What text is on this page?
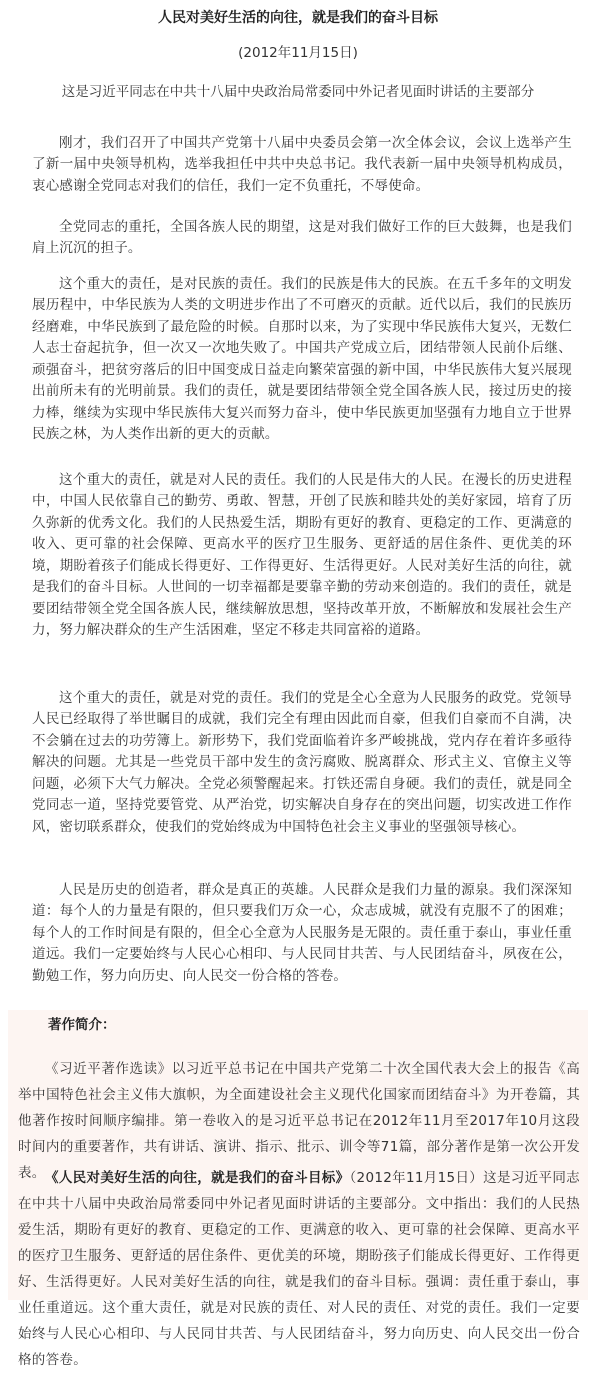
人民对美好生活的向往，就是我们的奋斗目标
(2012年11月15日)
这是习近平同志在中共十八届中央政治局常委同中外记者见面时讲话的主要部分

刚才，我们召开了中国共产党第十八届中央委员会第一次全体会议，会议上选举产生了新一届中央领导机构，选举我担任中共中央总书记。我代表新一届中央领导机构成员，衷心感谢全党同志对我们的信任，我们一定不负重托，不辱使命。

全党同志的重托，全国各族人民的期望，这是对我们做好工作的巨大鼓舞，也是我们肩上沉沉的担子。

这个重大的责任，是对民族的责任。我们的民族是伟大的民族。在五千多年的文明发展历程中，中华民族为人类的文明进步作出了不可磨灭的贡献。近代以后，我们的民族历经磨难，中华民族到了最危险的时候。自那时以来，为了实现中华民族伟大复兴，无数仁人志士奋起抗争，但一次又一次地失败了。中国共产党成立后，团结带领人民前仆后继、顽强奋斗，把贫穷落后的旧中国变成日益走向繁荣富强的新中国，中华民族伟大复兴展现出前所未有的光明前景。我们的责任，就是要团结带领全党全国各族人民，接过历史的接力棒，继续为实现中华民族伟大复兴而努力奋斗，使中华民族更加坚强有力地自立于世界民族之林，为人类作出新的更大的贡献。

这个重大的责任，就是对人民的责任。我们的人民是伟大的人民。在漫长的历史进程中，中国人民依靠自己的勤劳、勇敢、智慧，开创了民族和睦共处的美好家园，培育了历久弥新的优秀文化。我们的人民热爱生活，期盼有更好的教育、更稳定的工作、更满意的收入、更可靠的社会保障、更高水平的医疗卫生服务、更舒适的居住条件、更优美的环境，期盼着孩子们能成长得更好、工作得更好、生活得更好。人民对美好生活的向往，就是我们的奋斗目标。人世间的一切幸福都是要靠辛勤的劳动来创造的。我们的责任，就是要团结带领全党全国各族人民，继续解放思想，坚持改革开放，不断解放和发展社会生产力，努力解决群众的生产生活困难，坚定不移走共同富裕的道路。

这个重大的责任，就是对党的责任。我们的党是全心全意为人民服务的政党。党领导人民已经取得了举世瞩目的成就，我们完全有理由因此而自豪，但我们自豪而不自满，决不会躺在过去的功劳簿上。新形势下，我们党面临着许多严峻挑战，党内存在着许多亟待解决的问题。尤其是一些党员干部中发生的贪污腐败、脱离群众、形式主义、官僚主义等问题，必须下大气力解决。全党必须警醒起来。打铁还需自身硬。我们的责任，就是同全党同志一道，坚持党要管党、从严治党，切实解决自身存在的突出问题，切实改进工作作风，密切联系群众，使我们的党始终成为中国特色社会主义事业的坚强领导核心。

人民是历史的创造者，群众是真正的英雄。人民群众是我们力量的源泉。我们深深知道：每个人的力量是有限的，但只要我们万众一心，众志成城，就没有克服不了的困难；每个人的工作时间是有限的，但全心全意为人民服务是无限的。责任重于泰山，事业任重道远。我们一定要始终与人民心心相印、与人民同甘共苦、与人民团结奋斗，夙夜在公，勤勉工作，努力向历史、向人民交一份合格的答卷。

著作简介：

《习近平著作选读》以习近平总书记在中国共产党第二十次全国代表大会上的报告《高举中国特色社会主义伟大旗帜，为全面建设社会主义现代化国家而团结奋斗》为开卷篇，其他著作按时间顺序编排。第一卷收入的是习近平总书记在2012年11月至2017年10月这段时间内的重要著作，共有讲话、演讲、指示、批示、训令等71篇，部分著作是第一次公开发表。 《人民对美好生活的向往，就是我们的奋斗目标》（2012年11月15日）这是习近平同志在中共十八届中央政治局常委同中外记者见面时讲话的主要部分。文中指出：我们的人民热爱生活，期盼有更好的教育、更稳定的工作、更满意的收入、更可靠的社会保障、更高水平的医疗卫生服务、更舒适的居住条件、更优美的环境，期盼孩子们能成长得更好、工作得更好、生活得更好。人民对美好生活的向往，就是我们的奋斗目标。强调：责任重于泰山，事业任重道远。这个重大责任，就是对民族的责任、对人民的责任、对党的责任。我们一定要始终与人民心心相印、与人民同甘共苦、与人民团结奋斗，努力向历史、向人民交出一份合格的答卷。
